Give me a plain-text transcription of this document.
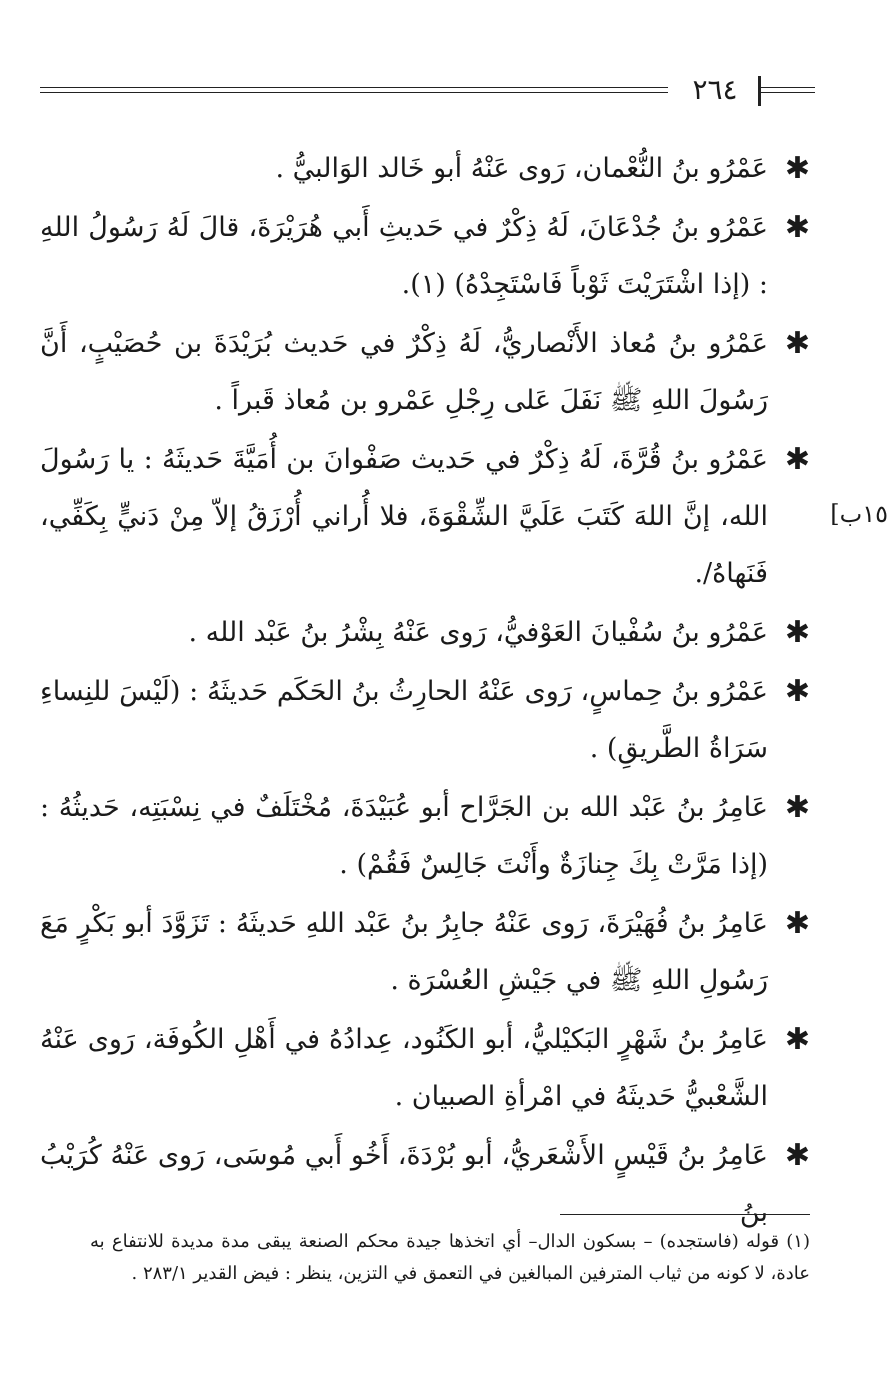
٢٦٤
١٥ب]
✱
عَمْرُو بنُ النُّعْمان، رَوى عَنْهُ أبو خَالد الوَالبيُّ .
✱
عَمْرُو بنُ جُدْعَانَ، لَهُ ذِكْرٌ في حَديثِ أَبي هُرَيْرَةَ، قالَ لَهُ رَسُولُ اللهِ : (إذا اشْتَرَيْتَ ثَوْباً فَاسْتَجِدْهُ) (١).
✱
عَمْرُو بنُ مُعاذ الأَنْصاريُّ، لَهُ ذِكْرٌ في حَديث بُرَيْدَةَ بن حُصَيْبٍ، أَنَّ رَسُولَ اللهِ ﷺ نَفَلَ عَلى رِجْلِ عَمْرو بن مُعاذ قَبراً .
✱
عَمْرُو بنُ قُرَّةَ، لَهُ ذِكْرٌ في حَديث صَفْوانَ بن أُمَيَّةَ حَديثَهُ : يا رَسُولَ الله، إنَّ اللهَ كَتَبَ عَلَيَّ الشِّقْوَةَ، فلا أُراني أُرْزَقُ إلاّ مِنْ دَنيٍّ بِكَفِّي، فَنَهاهُ/.
✱
عَمْرُو بنُ سُفْيانَ العَوْفيُّ، رَوى عَنْهُ بِشْرُ بنُ عَبْد الله .
✱
عَمْرُو بنُ حِماسٍ، رَوى عَنْهُ الحارِثُ بنُ الحَكَم حَديثَهُ : (لَيْسَ للنِساءِ سَرَاةُ الطَّريقِ) .
✱
عَامِرُ بنُ عَبْد الله بن الجَرَّاح أبو عُبَيْدَةَ، مُخْتَلَفٌ في نِسْبَتِه، حَديثُهُ : (إذا مَرَّتْ بِكَ جِنازَةٌ وأَنْتَ جَالِسٌ فَقُمْ) .
✱
عَامِرُ بنُ فُهَيْرَةَ، رَوى عَنْهُ جابِرُ بنُ عَبْد اللهِ حَديثَهُ : تَزَوَّدَ أبو بَكْرٍ مَعَ رَسُولِ اللهِ ﷺ في جَيْشِ العُسْرَة .
✱
عَامِرُ بنُ شَهْرٍ البَكيْليُّ، أبو الكَنُود، عِدادُهُ في أَهْلِ الكُوفَة، رَوى عَنْهُ الشَّعْبيُّ حَديثَهُ في امْرأةِ الصبيان .
✱
عَامِرُ بنُ قَيْسٍ الأَشْعَريُّ، أبو بُرْدَةَ، أَخُو أَبي مُوسَى، رَوى عَنْهُ كُرَيْبُ بنُ
(١) قوله (فاستجده) – بسكون الدال– أي اتخذها جيدة محكم الصنعة يبقى مدة مديدة للانتفاع به عادة، لا كونه من ثياب المترفين المبالغين في التعمق في التزين، ينظر : فيض القدير ٢٨٣/١ .
